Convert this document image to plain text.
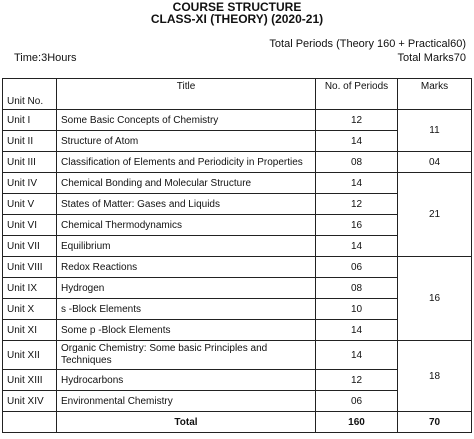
COURSE STRUCTURE
CLASS-XI (THEORY) (2020-21)
Total Periods (Theory 160 + Practical60)
Time:3Hours	Total Marks70
Unit No.	Title	No. of Periods	Marks
Unit I	Some Basic Concepts of Chemistry	12	11
Unit II	Structure of Atom	14	
Unit III	Classification of Elements and Periodicity in Properties	08	04
Unit IV	Chemical Bonding and Molecular Structure	14	21
Unit V	States of Matter: Gases and Liquids	12	
Unit VI	Chemical Thermodynamics	16	
Unit VII	Equilibrium	14	
Unit VIII	Redox Reactions	06	16
Unit IX	Hydrogen	08	
Unit X	s -Block Elements	10	
Unit XI	Some p -Block Elements	14	
Unit XII	Organic Chemistry: Some basic Principles and Techniques	14	18
Unit XIII	Hydrocarbons	12	
Unit XIV	Environmental Chemistry	06	
	Total	160	70
